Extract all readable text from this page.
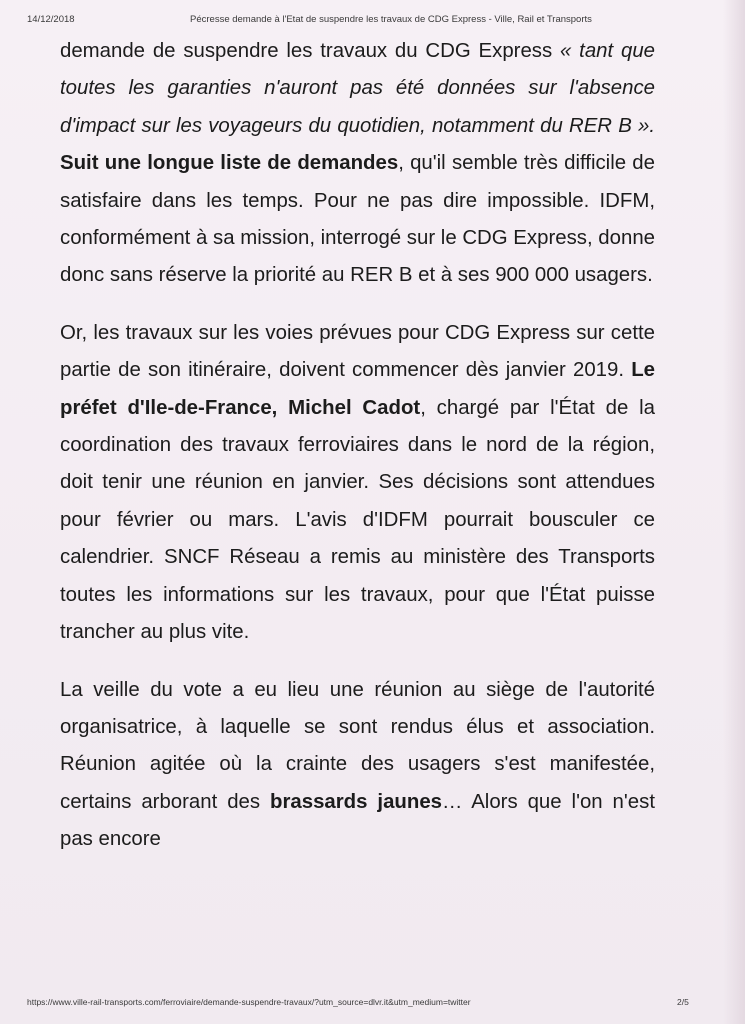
14/12/2018	Pécresse demande à l'Etat de suspendre les travaux de CDG Express - Ville, Rail et Transports

demande de suspendre les travaux du CDG Express « tant que toutes les garanties n'auront pas été données sur l'absence d'impact sur les voyageurs du quotidien, notamment du RER B ». Suit une longue liste de demandes, qu'il semble très difficile de satisfaire dans les temps. Pour ne pas dire impossible. IDFM, conformément à sa mission, interrogé sur le CDG Express, donne donc sans réserve la priorité au RER B et à ses 900 000 usagers.

Or, les travaux sur les voies prévues pour CDG Express sur cette partie de son itinéraire, doivent commencer dès janvier 2019. Le préfet d'Ile-de-France, Michel Cadot, chargé par l'État de la coordination des travaux ferroviaires dans le nord de la région, doit tenir une réunion en janvier. Ses décisions sont attendues pour février ou mars. L'avis d'IDFM pourrait bousculer ce calendrier. SNCF Réseau a remis au ministère des Transports toutes les informations sur les travaux, pour que l'État puisse trancher au plus vite.

La veille du vote a eu lieu une réunion au siège de l'autorité organisatrice, à laquelle se sont rendus élus et association. Réunion agitée où la crainte des usagers s'est manifestée, certains arborant des brassards jaunes… Alors que l'on n'est pas encore

https://www.ville-rail-transports.com/ferroviaire/demande-suspendre-travaux/?utm_source=dlvr.it&utm_medium=twitter	2/5
